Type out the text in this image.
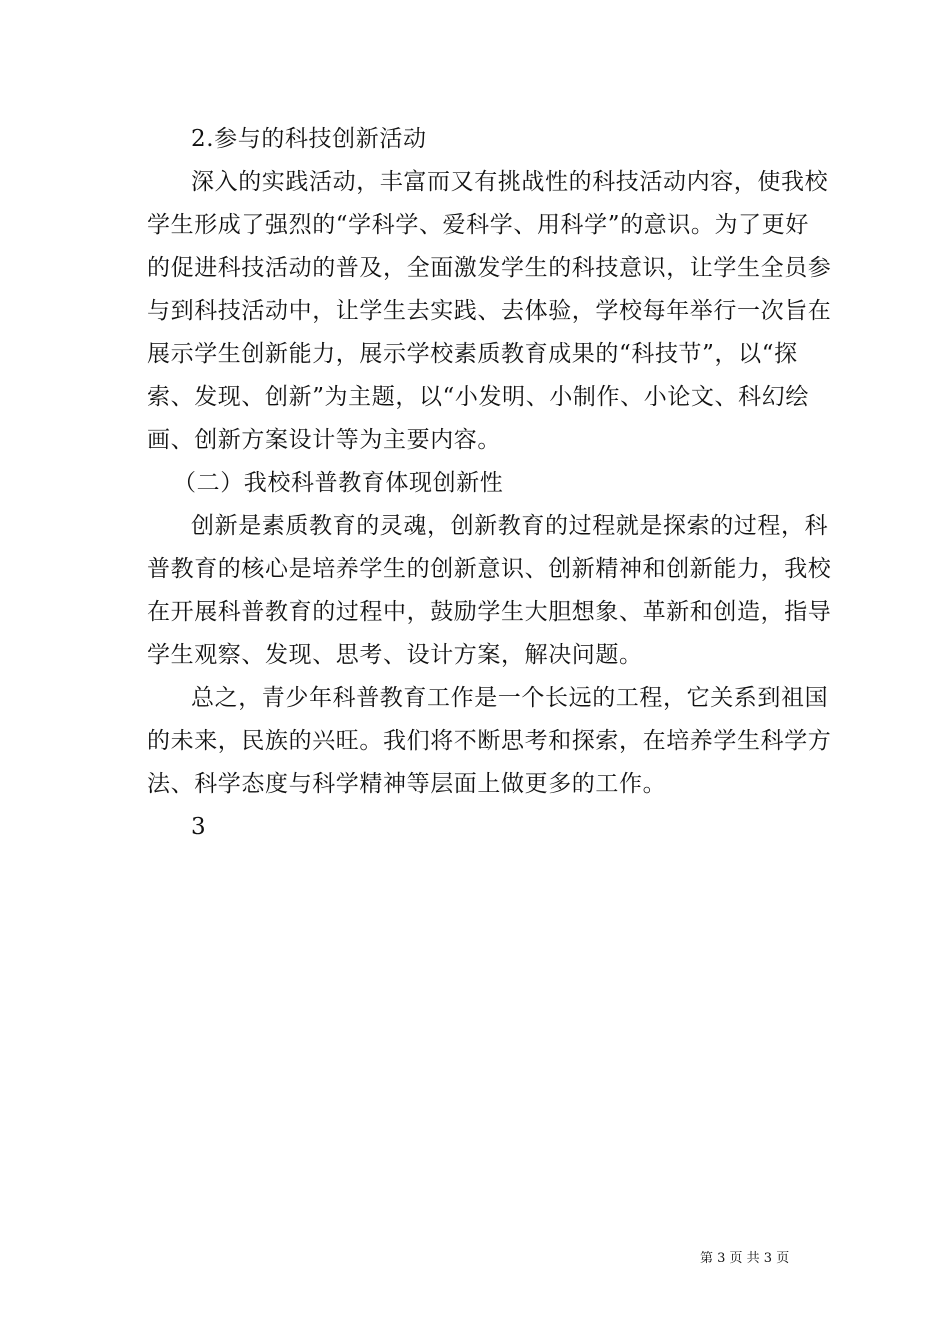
2.参与的科技创新活动
深入的实践活动，丰富而又有挑战性的科技活动内容，使我校
学生形成了强烈的“学科学、爱科学、用科学”的意识。为了更好
的促进科技活动的普及，全面激发学生的科技意识，让学生全员参
与到科技活动中，让学生去实践、去体验，学校每年举行一次旨在
展示学生创新能力，展示学校素质教育成果的“科技节”，以“探
索、发现、创新”为主题，以“小发明、小制作、小论文、科幻绘
画、创新方案设计等为主要内容。
（二）我校科普教育体现创新性
创新是素质教育的灵魂，创新教育的过程就是探索的过程，科
普教育的核心是培养学生的创新意识、创新精神和创新能力，我校
在开展科普教育的过程中，鼓励学生大胆想象、革新和创造，指导
学生观察、发现、思考、设计方案，解决问题。
总之，青少年科普教育工作是一个长远的工程，它关系到祖国
的未来，民族的兴旺。我们将不断思考和探索，在培养学生科学方
法、科学态度与科学精神等层面上做更多的工作。
3
第 3 页 共 3 页
